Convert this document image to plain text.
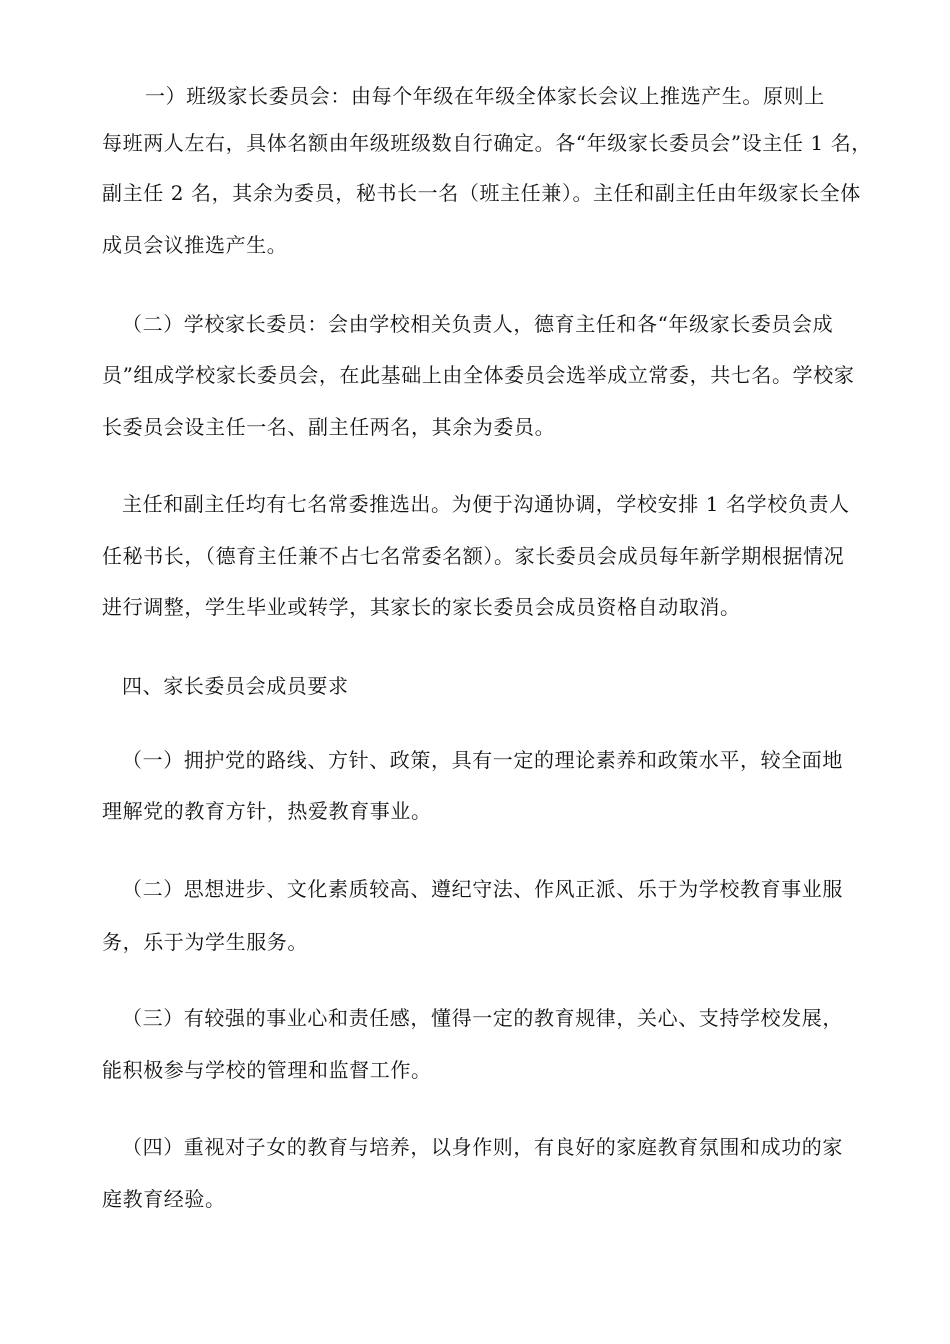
一）班级家长委员会：由每个年级在年级全体家长会议上推选产生。原则上
每班两人左右，具体名额由年级班级数自行确定。各“年级家长委员会”设主任 1 名，
副主任 2 名，其余为委员，秘书长一名（班主任兼）。主任和副主任由年级家长全体
成员会议推选产生。
（二）学校家长委员：会由学校相关负责人，德育主任和各“年级家长委员会成
员”组成学校家长委员会，在此基础上由全体委员会选举成立常委，共七名。学校家
长委员会设主任一名、副主任两名，其余为委员。
主任和副主任均有七名常委推选出。为便于沟通协调，学校安排 1 名学校负责人
任秘书长，（德育主任兼不占七名常委名额）。家长委员会成员每年新学期根据情况
进行调整，学生毕业或转学，其家长的家长委员会成员资格自动取消。
四、家长委员会成员要求
（一）拥护党的路线、方针、政策，具有一定的理论素养和政策水平，较全面地
理解党的教育方针，热爱教育事业。
（二）思想进步、文化素质较高、遵纪守法、作风正派、乐于为学校教育事业服
务，乐于为学生服务。
（三）有较强的事业心和责任感，懂得一定的教育规律，关心、支持学校发展，
能积极参与学校的管理和监督工作。
（四）重视对子女的教育与培养，以身作则，有良好的家庭教育氛围和成功的家
庭教育经验。
